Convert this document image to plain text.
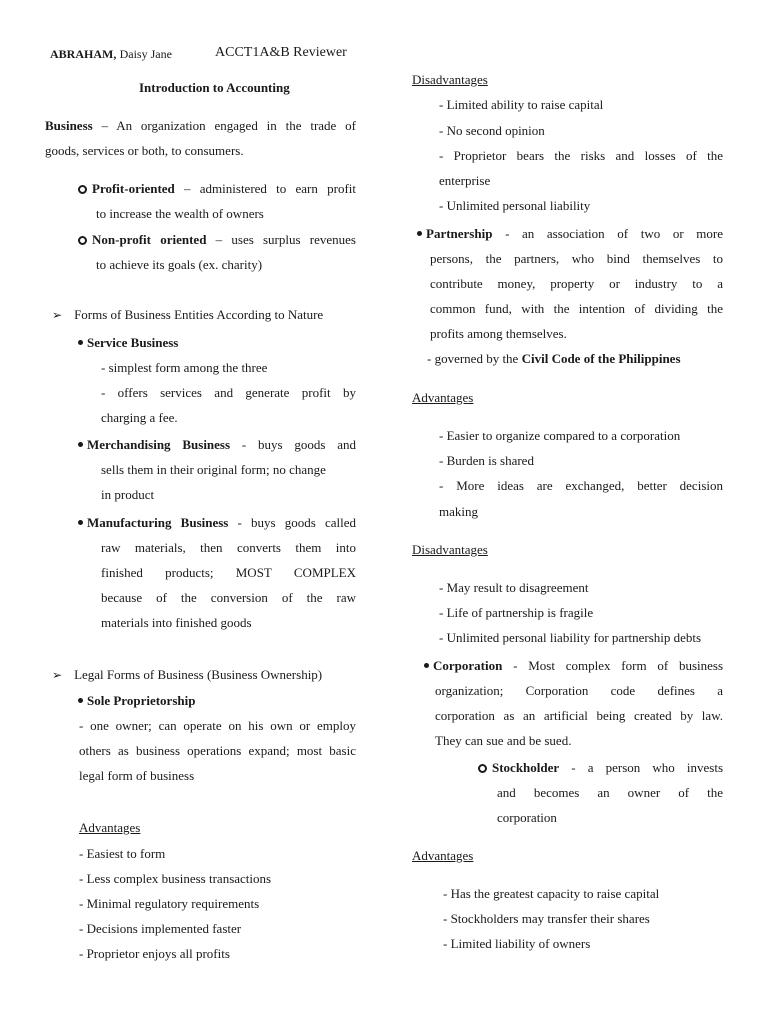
ABRAHAM, Daisy Jane	ACCT1A&B Reviewer
Introduction to Accounting
Business – An organization engaged in the trade of
goods, services or both, to consumers.
Profit-oriented – administered to earn profit
to increase the wealth of owners
Non-profit oriented – uses surplus revenues
to achieve its goals (ex. charity)
➢ Forms of Business Entities According to Nature
Service Business
- simplest form among the three
- offers services and generate profit by
charging a fee.
Merchandising Business - buys goods and
sells them in their original form; no change
in product
Manufacturing Business - buys goods called
raw materials, then converts them into
finished products; MOST COMPLEX
because of the conversion of the raw
materials into finished goods
➢ Legal Forms of Business (Business Ownership)
Sole Proprietorship
- one owner; can operate on his own or employ
others as business operations expand; most basic
legal form of business
Advantages
- Easiest to form
- Less complex business transactions
- Minimal regulatory requirements
- Decisions implemented faster
- Proprietor enjoys all profits
Disadvantages
- Limited ability to raise capital
- No second opinion
- Proprietor bears the risks and losses of the
enterprise
- Unlimited personal liability
Partnership - an association of two or more
persons, the partners, who bind themselves to
contribute money, property or industry to a
common fund, with the intention of dividing the
profits among themselves.
- governed by the Civil Code of the Philippines
Advantages
- Easier to organize compared to a corporation
- Burden is shared
- More ideas are exchanged, better decision
making
Disadvantages
- May result to disagreement
- Life of partnership is fragile
- Unlimited personal liability for partnership debts
Corporation - Most complex form of business
organization; Corporation code defines a
corporation as an artificial being created by law.
They can sue and be sued.
Stockholder - a person who invests
and becomes an owner of the
corporation
Advantages
- Has the greatest capacity to raise capital
- Stockholders may transfer their shares
- Limited liability of owners
